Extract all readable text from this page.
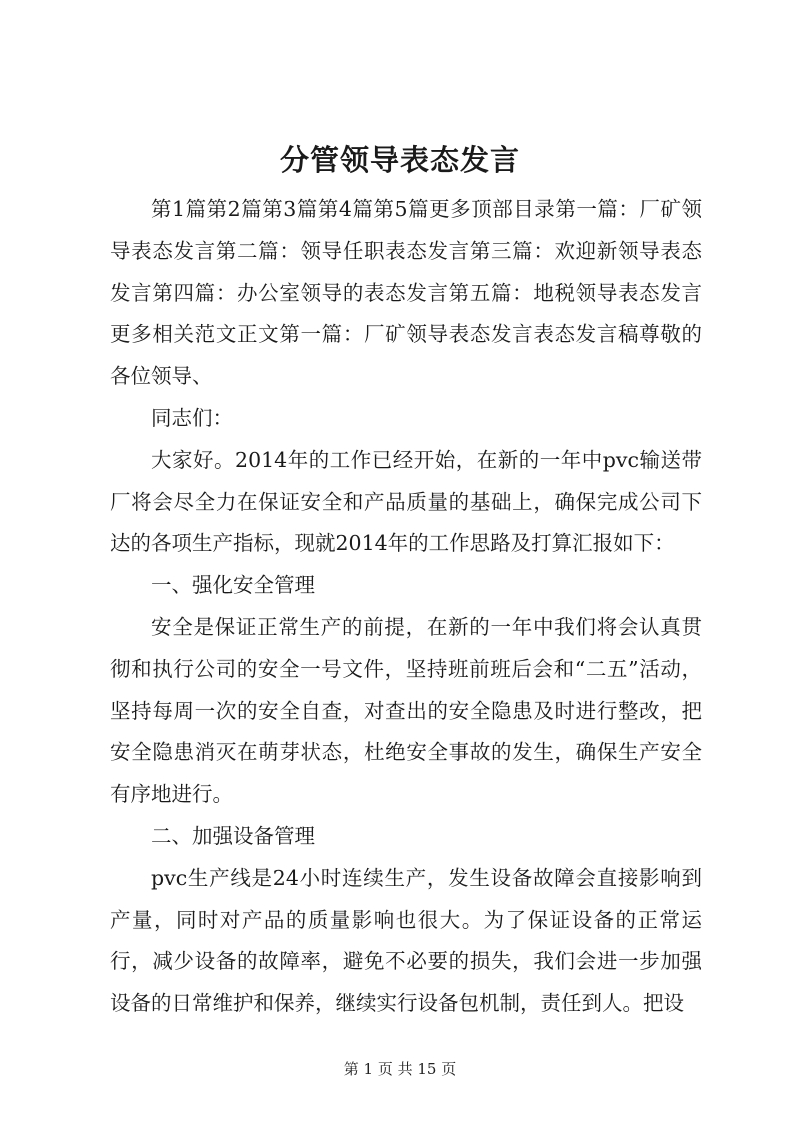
分管领导表态发言

第1篇第2篇第3篇第4篇第5篇更多顶部目录第一篇：厂矿领导表态发言第二篇：领导任职表态发言第三篇：欢迎新领导表态发言第四篇：办公室领导的表态发言第五篇：地税领导表态发言更多相关范文正文第一篇：厂矿领导表态发言表态发言稿尊敬的各位领导、

同志们：

大家好。2014年的工作已经开始，在新的一年中pvc输送带厂将会尽全力在保证安全和产品质量的基础上，确保完成公司下达的各项生产指标，现就2014年的工作思路及打算汇报如下：

一、强化安全管理

安全是保证正常生产的前提，在新的一年中我们将会认真贯彻和执行公司的安全一号文件，坚持班前班后会和“二五”活动，坚持每周一次的安全自查，对查出的安全隐患及时进行整改，把安全隐患消灭在萌芽状态，杜绝安全事故的发生，确保生产安全有序地进行。

二、加强设备管理

pvc生产线是24小时连续生产，发生设备故障会直接影响到产量，同时对产品的质量影响也很大。为了保证设备的正常运行，减少设备的故障率，避免不必要的损失，我们会进一步加强设备的日常维护和保养，继续实行设备包机制，责任到人。把设

第 1 页 共 15 页
